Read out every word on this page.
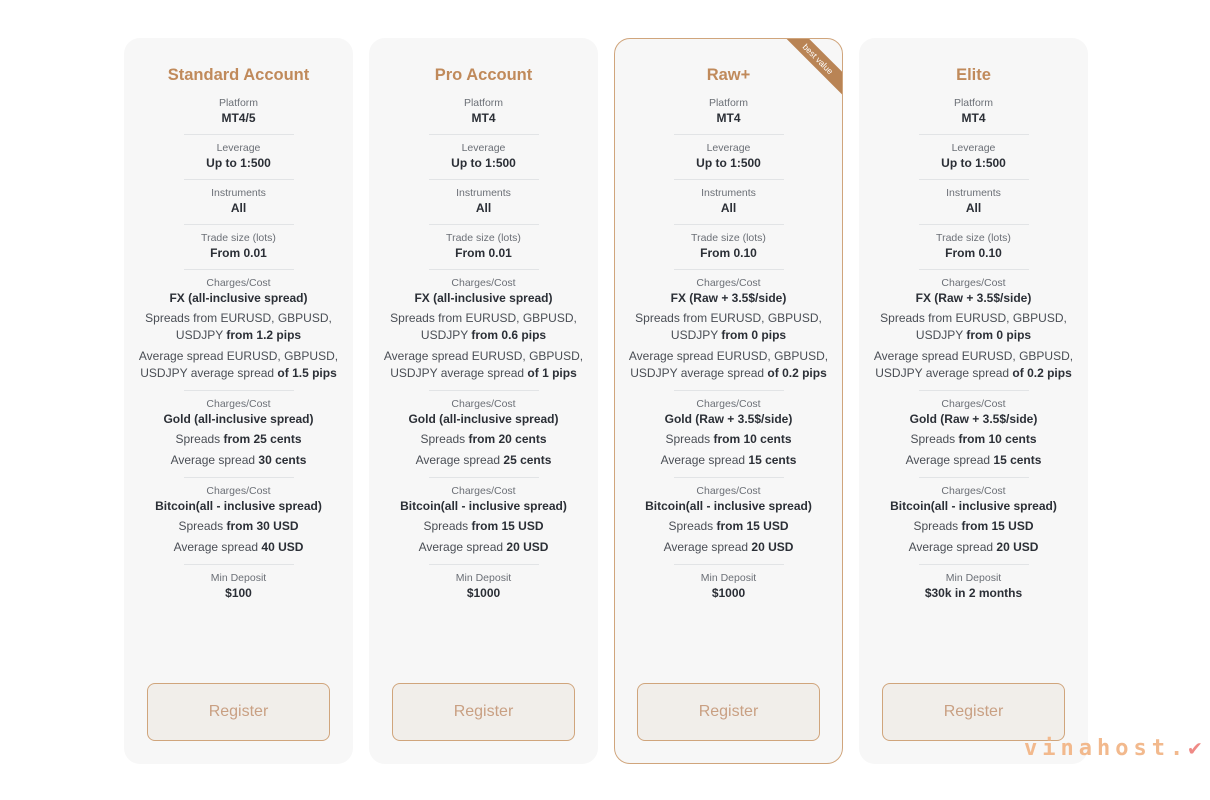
Standard Account
Platform
MT4/5
Leverage
Up to 1:500
Instruments
All
Trade size (lots)
From 0.01
Charges/Cost
FX (all-inclusive spread)
Spreads from EURUSD, GBPUSD, USDJPY from 1.2 pips
Average spread EURUSD, GBPUSD, USDJPY average spread of 1.5 pips
Charges/Cost
Gold (all-inclusive spread)
Spreads from 25 cents
Average spread 30 cents
Charges/Cost
Bitcoin(all - inclusive spread)
Spreads from 30 USD
Average spread 40 USD
Min Deposit
$100
Register
Pro Account
Platform
MT4
Leverage
Up to 1:500
Instruments
All
Trade size (lots)
From 0.01
Charges/Cost
FX (all-inclusive spread)
Spreads from EURUSD, GBPUSD, USDJPY from 0.6 pips
Average spread EURUSD, GBPUSD, USDJPY average spread of 1 pips
Charges/Cost
Gold (all-inclusive spread)
Spreads from 20 cents
Average spread 25 cents
Charges/Cost
Bitcoin(all - inclusive spread)
Spreads from 15 USD
Average spread 20 USD
Min Deposit
$1000
Register
best value
Raw+
Platform
MT4
Leverage
Up to 1:500
Instruments
All
Trade size (lots)
From 0.10
Charges/Cost
FX (Raw + 3.5$/side)
Spreads from EURUSD, GBPUSD, USDJPY from 0 pips
Average spread EURUSD, GBPUSD, USDJPY average spread of 0.2 pips
Charges/Cost
Gold (Raw + 3.5$/side)
Spreads from 10 cents
Average spread 15 cents
Charges/Cost
Bitcoin(all - inclusive spread)
Spreads from 15 USD
Average spread 20 USD
Min Deposit
$1000
Register
Elite
Platform
MT4
Leverage
Up to 1:500
Instruments
All
Trade size (lots)
From 0.10
Charges/Cost
FX (Raw + 3.5$/side)
Spreads from EURUSD, GBPUSD, USDJPY from 0 pips
Average spread EURUSD, GBPUSD, USDJPY average spread of 0.2 pips
Charges/Cost
Gold (Raw + 3.5$/side)
Spreads from 10 cents
Average spread 15 cents
Charges/Cost
Bitcoin(all - inclusive spread)
Spreads from 15 USD
Average spread 20 USD
Min Deposit
$30k in 2 months
Register
vinahost.✔
